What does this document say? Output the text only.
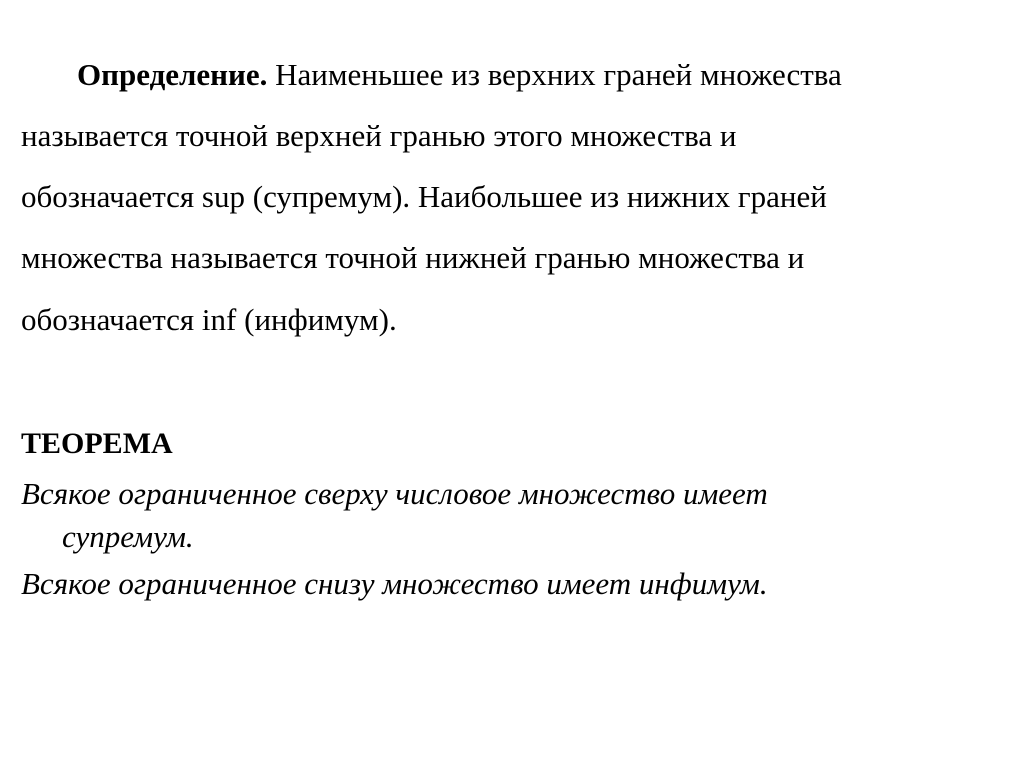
Определение. Наименьшее из верхних граней множества
называется точной верхней гранью этого множества и
обозначается sup (супремум). Наибольшее из нижних граней
множества называется точной нижней гранью множества и
обозначается inf (инфимум).
ТЕОРЕМА
Всякое ограниченное сверху числовое множество имеет
супремум.
Всякое ограниченное снизу множество имеет инфимум.
